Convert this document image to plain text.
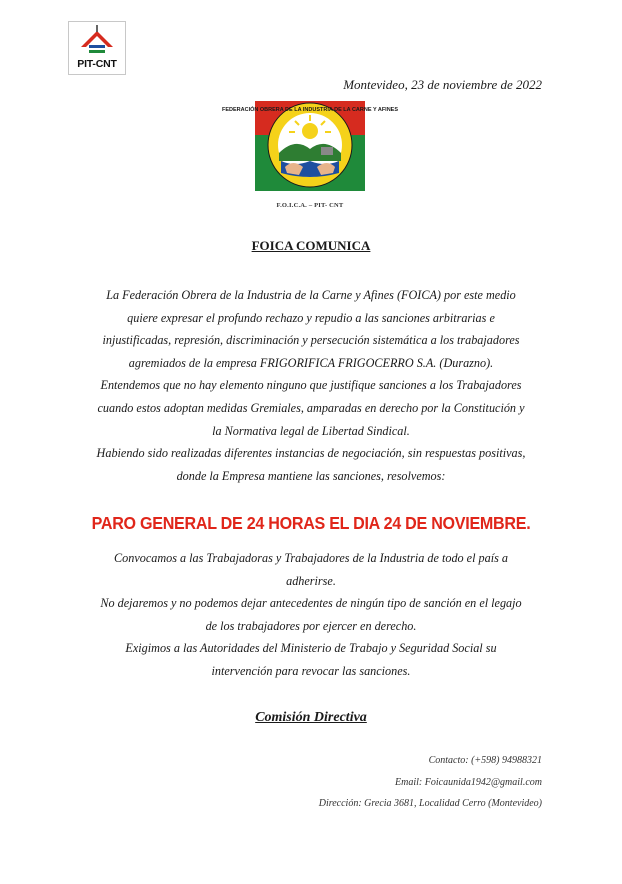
PIT-CNT
Montevideo, 23 de noviembre de 2022
FEDERACIÓN OBRERA DE LA INDUSTRIA DE LA CARNE Y AFINES
F.O.I.C.A. – PIT- CNT
FOICA COMUNICA

La Federación Obrera de la Industria de la Carne y Afines (FOICA) por este medio

quiere expresar el profundo rechazo y repudio a las sanciones arbitrarias e

injustificadas, represión, discriminación y persecución sistemática a los trabajadores

agremiados de la empresa FRIGORIFICA FRIGOCERRO S.A. (Durazno).

Entendemos que no hay elemento ninguno que justifique sanciones a los Trabajadores

cuando estos adoptan medidas Gremiales, amparadas en derecho por la Constitución y

la Normativa legal de Libertad Sindical.

Habiendo sido realizadas diferentes instancias de negociación, sin respuestas positivas,

donde la Empresa mantiene las sanciones, resolvemos:

PARO GENERAL DE 24 HORAS EL DIA 24 DE NOVIEMBRE.

Convocamos a las Trabajadoras y Trabajadores de la Industria de todo el país a

adherirse.

No dejaremos y no podemos dejar antecedentes de ningún tipo de sanción en el legajo

de los trabajadores por ejercer en derecho.

Exigimos a las Autoridades del Ministerio de Trabajo y Seguridad Social su

intervención para revocar las sanciones.

Comisión Directiva
Contacto: (+598) 94988321
Email: Foicaunida1942@gmail.com
Dirección: Grecia 3681, Localidad Cerro (Montevideo)
